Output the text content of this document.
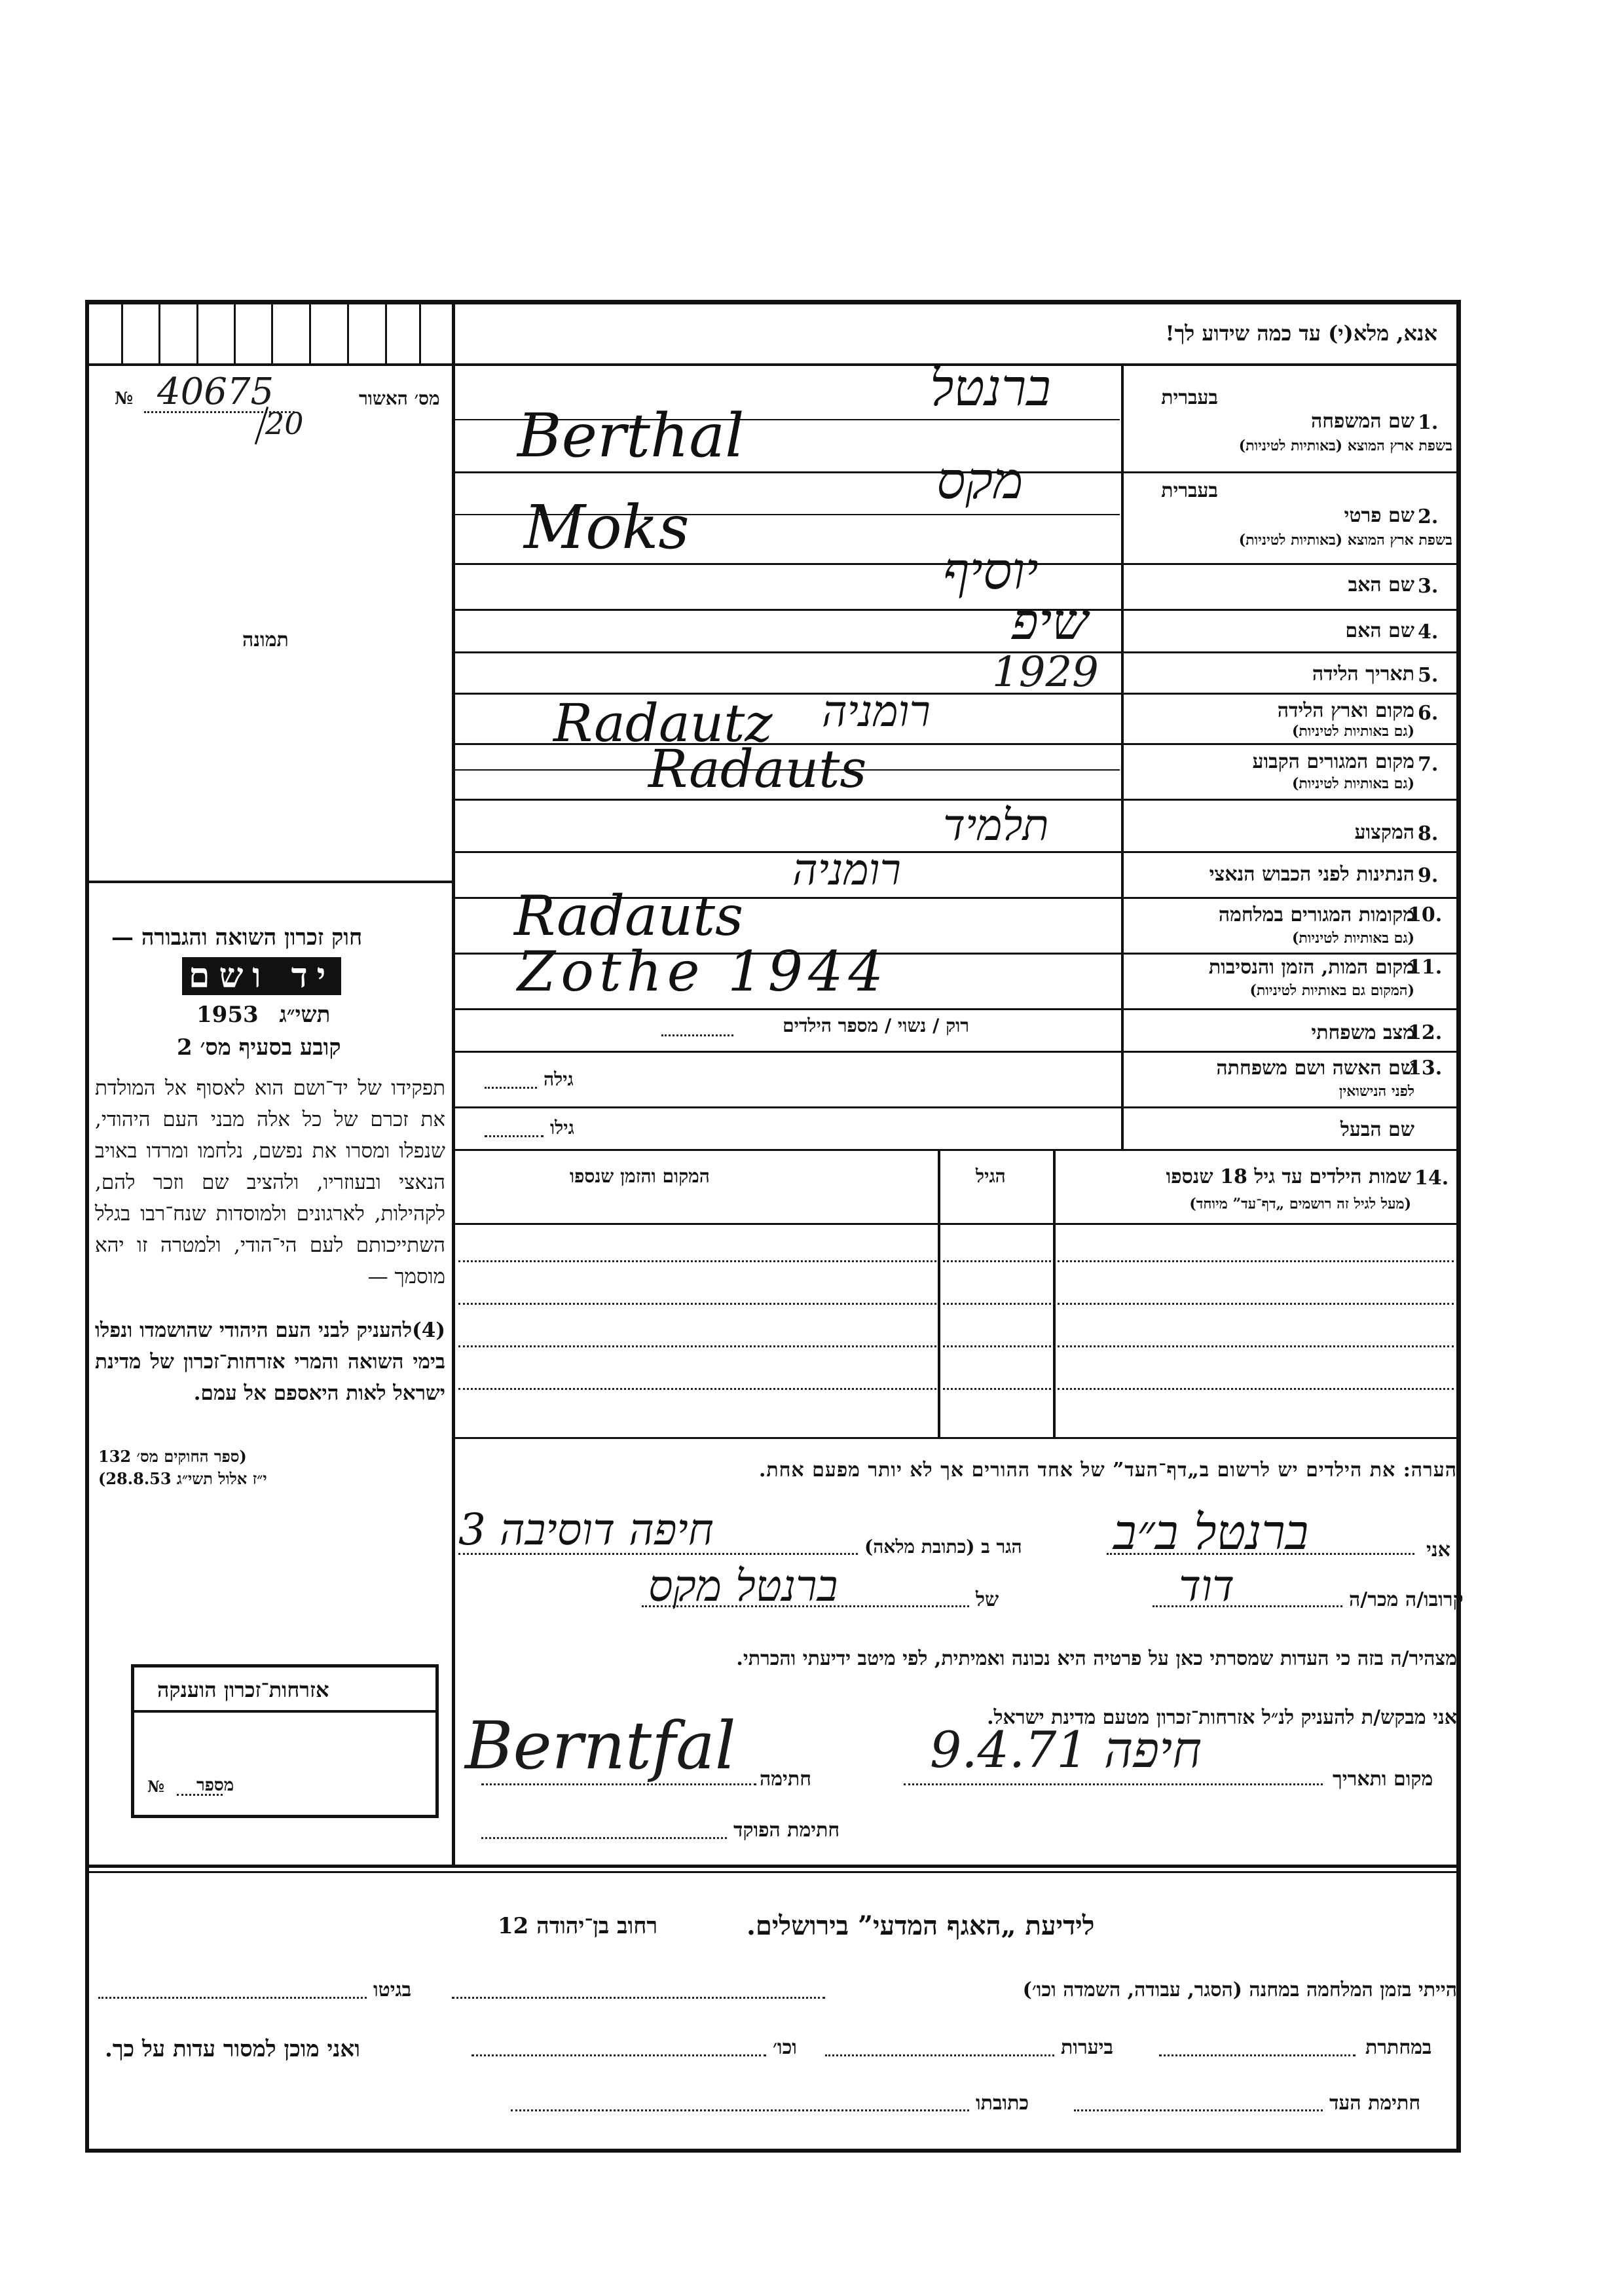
אנא, מלא(י) עד כמה שידוע לך!
מס׳ האשור
№ 40675
20
תמונה
בעברית
1.
שם המשפחה
בשפת ארץ המוצא (באותיות לטיניות)
ברנטל
Berthal
בעברית
2.
שם פרטי
בשפת ארץ המוצא (באותיות לטיניות)
מקס
Moks
3.
שם האב
יוסיף
4.
שם האם
שיפ
5.
תאריך הלידה
1929
6.
מקום וארץ הלידה
(גם באותיות לטיניות)
רומניה
Radautz
7.
מקום המגורים הקבוע
(גם באותיות לטיניות)
Radauts
8.
המקצוע
תלמיד
9.
הנתינות לפני הכבוש הנאצי
רומניה
10.
מקומות המגורים במלחמה
(גם באותיות לטיניות)
Radauts
11.
מקום המות, הזמן והנסיבות
(המקום גם באותיות לטיניות)
Zothe 1944
12.
מצב משפחתי
רוק / נשוי / מספר הילדים
13.
שם האשה ושם משפחתה
לפני הנישואין
גילה
שם הבעל
גילו
14.
שמות הילדים עד גיל 18 שנספו
(מעל לגיל זה רושמים „דף־עד” מיוחד)
הגיל
המקום והזמן שנספו
הערה: את הילדים יש לרשום ב„דף־העד” של אחד ההורים אך לא יותר מפעם אחת.
אני
ברנטל ב״ב
הגר ב (כתובת מלאה)
חיפה דוסיבה 3
קרובו/ה מכר/ה
דוד
של
ברנטל מקס
מצהיר/ה בזה כי העדות שמסרתי כאן על פרטיה היא נכונה ואמיתית, לפי מיטב ידיעתי והכרתי.
אני מבקש/ת להעניק לנ״ל אזרחות־זכרון מטעם מדינת ישראל.
מקום ותאריך
חיפה 9.4.71
חתימה
Berntfal
חתימת הפוקד
אזרחות־זכרון הוענקה
מספר
№
חוק זכרון השואה והגבורה —
יד ושם
1953 תשי״ג
קובע בסעיף מס׳ 2
תפקידו של יד־ושם הוא לאסוף אל המולדת את זכרם של כל אלה מבני העם היהודי, שנפלו ומסרו את נפשם, נלחמו ומרדו באויב הנאצי ובעוזריו, ולהציב שם וזכר להם, לקהילות, לארגונים ולמוסדות שנח־רבו בגלל השתייכותם לעם הי־הודי, ולמטרה זו יהא מוסמך —
(4)להעניק לבני העם היהודי שהושמדו ונפלו בימי השואה והמרי אזרחות־זכרון של מדינת ישראל לאות היאספם אל עמם.
(ספר החוקים מס׳ 132
י״ז אלול תשי״ג 28.8.53)
לידיעת „האגף המדעי” בירושלים.
רחוב בן־יהודה 12
הייתי בזמן המלחמה במחנה (הסגר, עבודה, השמדה וכו׳)
בגיטו
במחתרת
ביערות
וכו׳
ואני מוכן למסור עדות על כך.
חתימת העד
כתובתו
